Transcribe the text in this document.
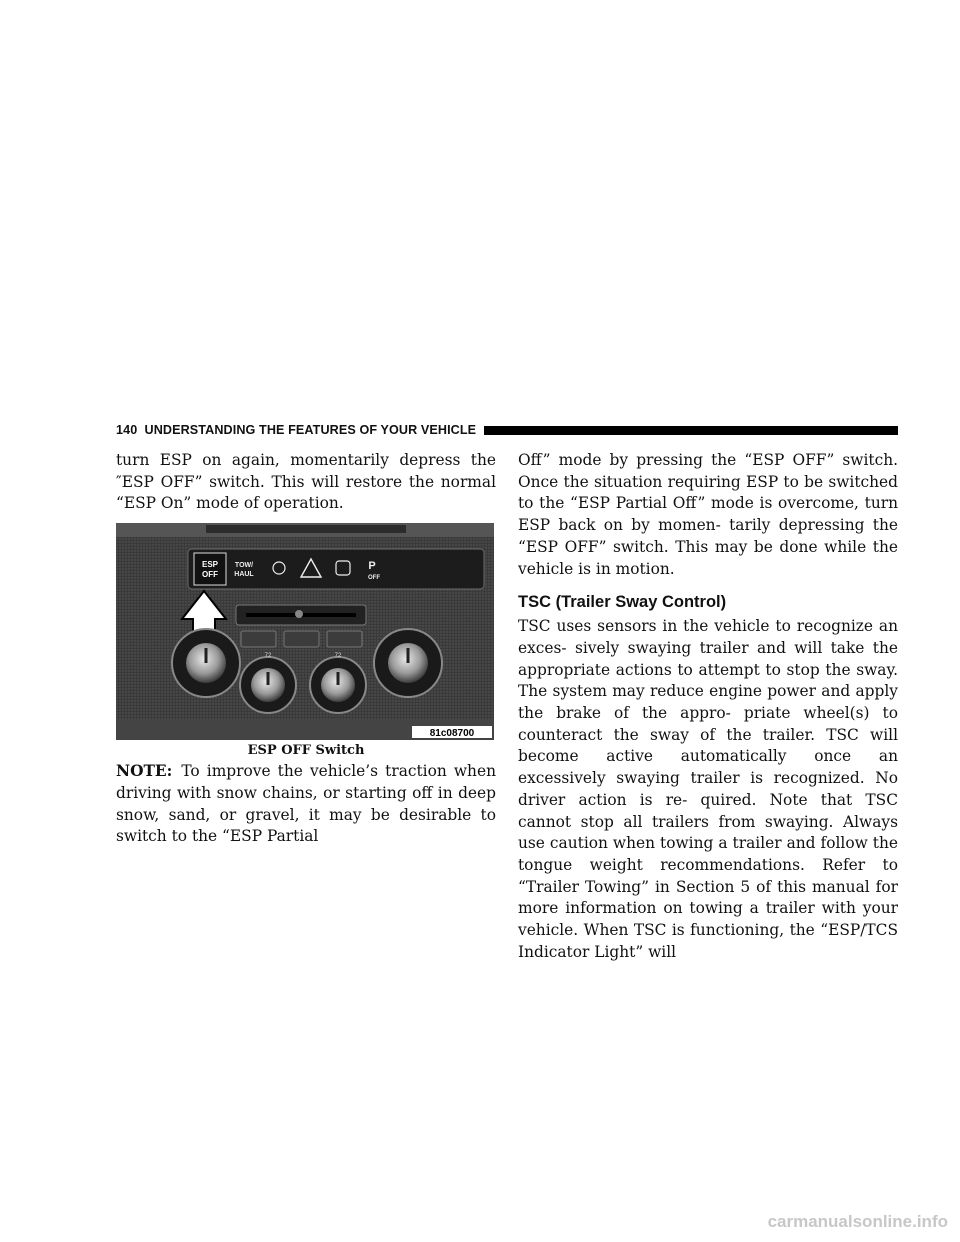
140 UNDERSTANDING THE FEATURES OF YOUR VEHICLE

turn ESP on again, momentarily depress the ″ESP OFF” switch. This will restore the normal “ESP On” mode of operation.

ESP
OFF
TOW/
HAUL
P
OFF
72	72
81c08700
ESP OFF Switch

NOTE: To improve the vehicle’s traction when driving with snow chains, or starting off in deep snow, sand, or gravel, it may be desirable to switch to the “ESP Partial

Off” mode by pressing the “ESP OFF” switch. Once the situation requiring ESP to be switched to the “ESP Partial Off” mode is overcome, turn ESP back on by momen- tarily depressing the “ESP OFF” switch. This may be done while the vehicle is in motion.

TSC (Trailer Sway Control)

TSC uses sensors in the vehicle to recognize an exces- sively swaying trailer and will take the appropriate actions to attempt to stop the sway. The system may reduce engine power and apply the brake of the appro- priate wheel(s) to counteract the sway of the trailer. TSC will become active automatically once an excessively swaying trailer is recognized. No driver action is re- quired. Note that TSC cannot stop all trailers from swaying. Always use caution when towing a trailer and follow the tongue weight recommendations. Refer to “Trailer Towing” in Section 5 of this manual for more information on towing a trailer with your vehicle. When TSC is functioning, the “ESP/TCS Indicator Light” will

carmanualsonline.info
